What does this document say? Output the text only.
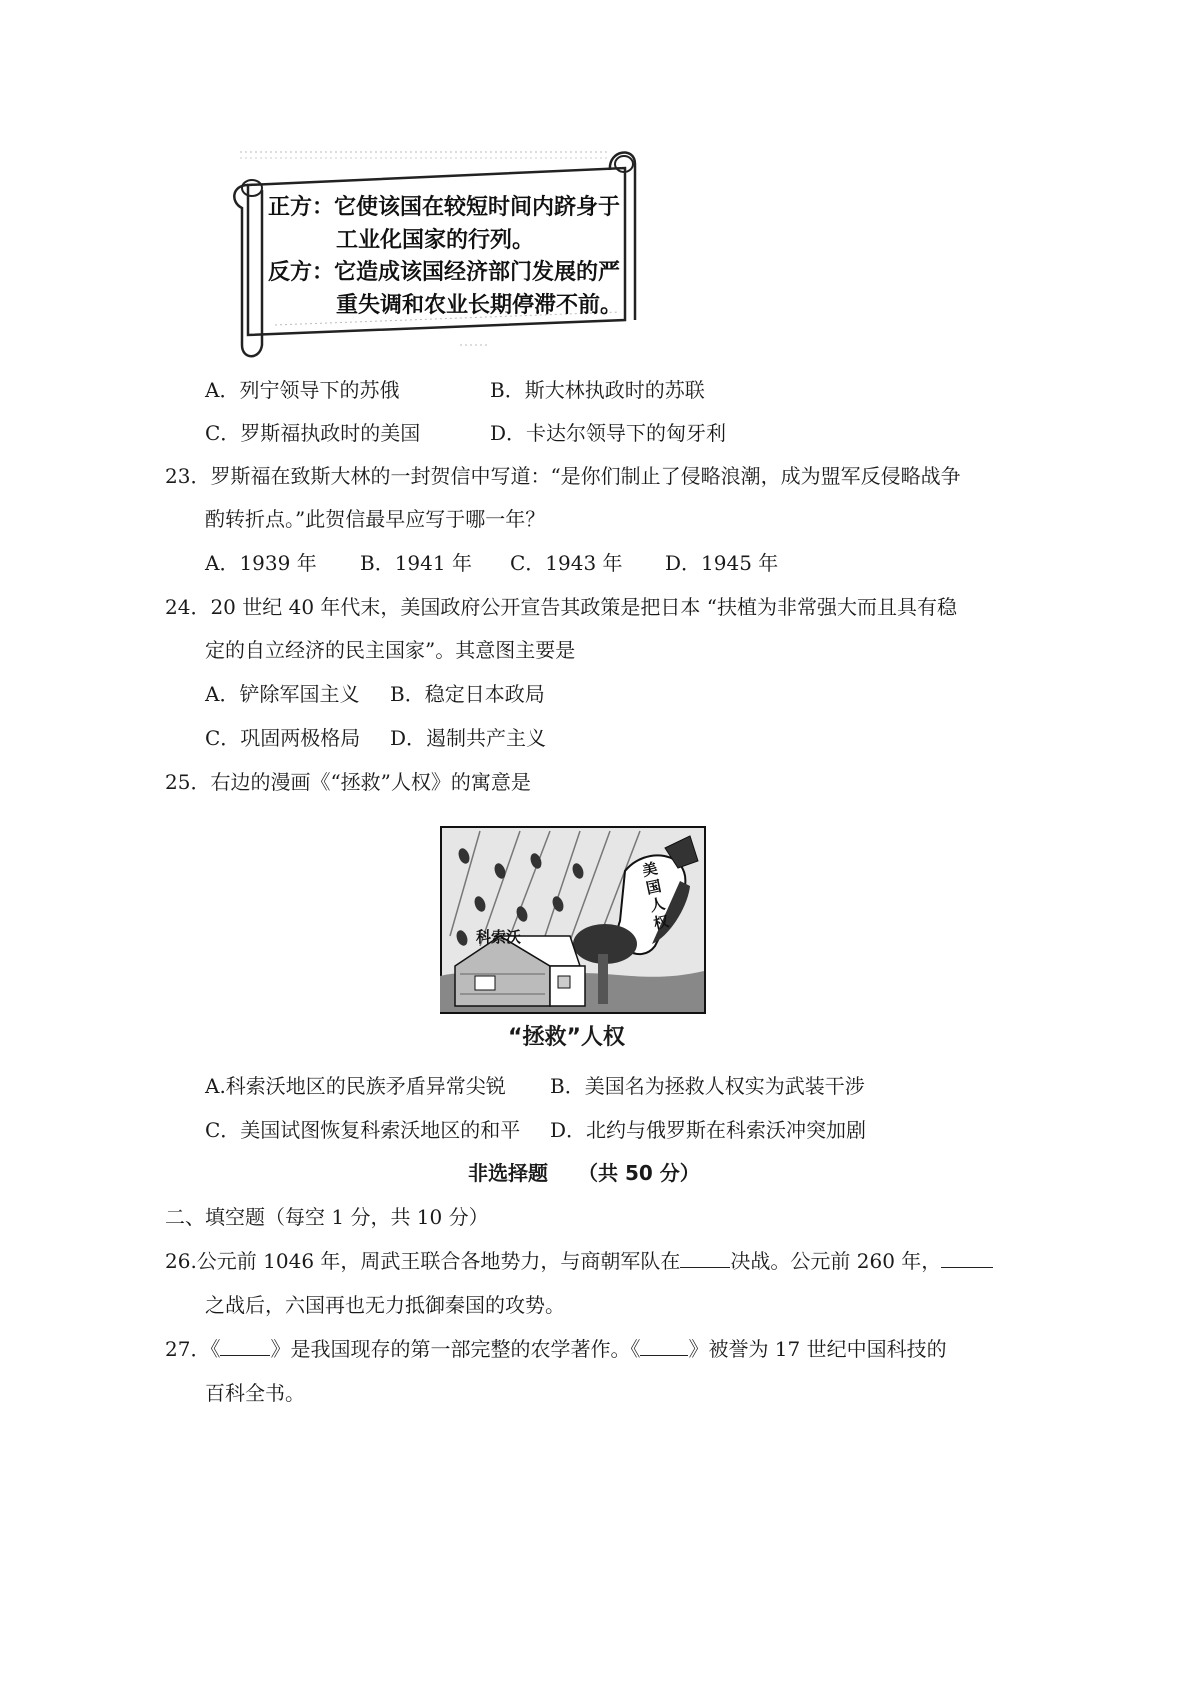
正方：它使该国在较短时间内跻身于
工业化国家的行列。
反方：它造成该国经济部门发展的严
重失调和农业长期停滞不前。
A．列宁领导下的苏俄	B．斯大林执政时的苏联
C．罗斯福执政时的美国	D．卡达尔领导下的匈牙利
23．罗斯福在致斯大林的一封贺信中写道：“是你们制止了侵略浪潮，成为盟军反侵略战争
酌转折点。”此贺信最早应写于哪一年？
A．1939 年 B．1941 年 C．1943 年 D．1945 年
24．20 世纪 40 年代末，美国政府公开宣告其政策是把日本 “扶植为非常强大而且具有稳
定的自立经济的民主国家”。其意图主要是
A．铲除军国主义 B．稳定日本政局
C．巩固两极格局 D．遏制共产主义
25．右边的漫画《“拯救”人权》的寓意是
科索沃
美国人权
“拯救”人权
A.科索沃地区的民族矛盾异常尖锐 B．美国名为拯救人权实为武装干涉
C．美国试图恢复科索沃地区的和平 D．北约与俄罗斯在科索沃冲突加剧
非选择题　　（共 50 分）
二、填空题（每空 1 分，共 10 分）
26.公元前 1046 年，周武王联合各地势力，与商朝军队在	决战。公元前 260 年，
之战后，六国再也无力抵御秦国的攻势。
27．《	》是我国现存的第一部完整的农学著作。《 》被誉为 17 世纪中国科技的
百科全书。
